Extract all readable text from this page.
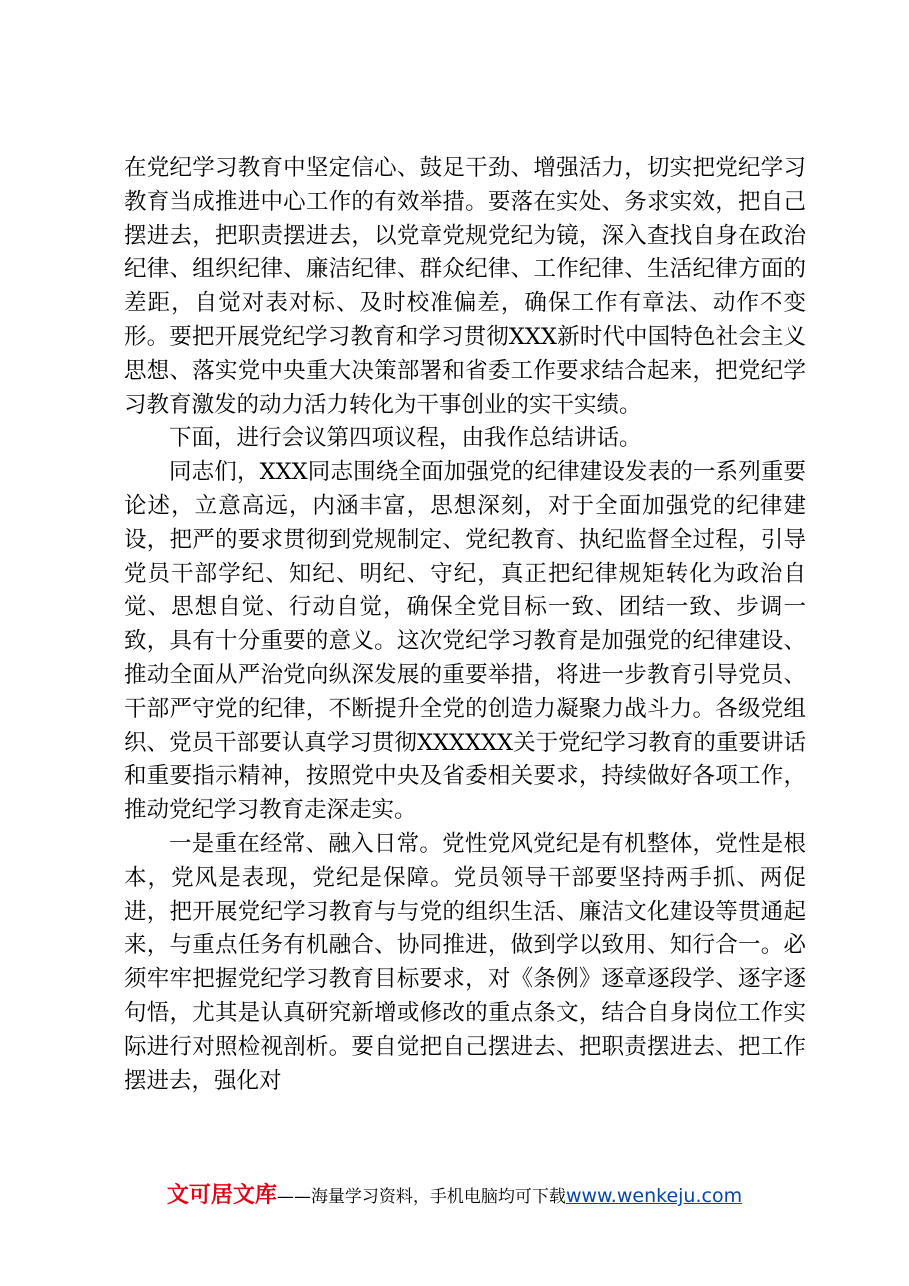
在党纪学习教育中坚定信心、鼓足干劲、增强活力，切实把党纪学习教育当成推进中心工作的有效举措。要落在实处、务求实效，把自己摆进去，把职责摆进去，以党章党规党纪为镜，深入查找自身在政治纪律、组织纪律、廉洁纪律、群众纪律、工作纪律、生活纪律方面的差距，自觉对表对标、及时校准偏差，确保工作有章法、动作不变形。要把开展党纪学习教育和学习贯彻XXX新时代中国特色社会主义思想、落实党中央重大决策部署和省委工作要求结合起来，把党纪学习教育激发的动力活力转化为干事创业的实干实绩。

下面，进行会议第四项议程，由我作总结讲话。

同志们，XXX同志围绕全面加强党的纪律建设发表的一系列重要论述，立意高远，内涵丰富，思想深刻，对于全面加强党的纪律建设，把严的要求贯彻到党规制定、党纪教育、执纪监督全过程，引导党员干部学纪、知纪、明纪、守纪，真正把纪律规矩转化为政治自觉、思想自觉、行动自觉，确保全党目标一致、团结一致、步调一致，具有十分重要的意义。这次党纪学习教育是加强党的纪律建设、推动全面从严治党向纵深发展的重要举措，将进一步教育引导党员、干部严守党的纪律，不断提升全党的创造力凝聚力战斗力。各级党组织、党员干部要认真学习贯彻XXXXXX关于党纪学习教育的重要讲话和重要指示精神，按照党中央及省委相关要求，持续做好各项工作，推动党纪学习教育走深走实。

一是重在经常、融入日常。党性党风党纪是有机整体，党性是根本，党风是表现，党纪是保障。党员领导干部要坚持两手抓、两促进，把开展党纪学习教育与与党的组织生活、廉洁文化建设等贯通起来，与重点任务有机融合、协同推进，做到学以致用、知行合一。必须牢牢把握党纪学习教育目标要求，对《条例》逐章逐段学、逐字逐句悟，尤其是认真研究新增或修改的重点条文，结合自身岗位工作实际进行对照检视剖析。要自觉把自己摆进去、把职责摆进去、把工作摆进去，强化对

文可居文库——海量学习资料，手机电脑均可下载www.wenkeju.com
